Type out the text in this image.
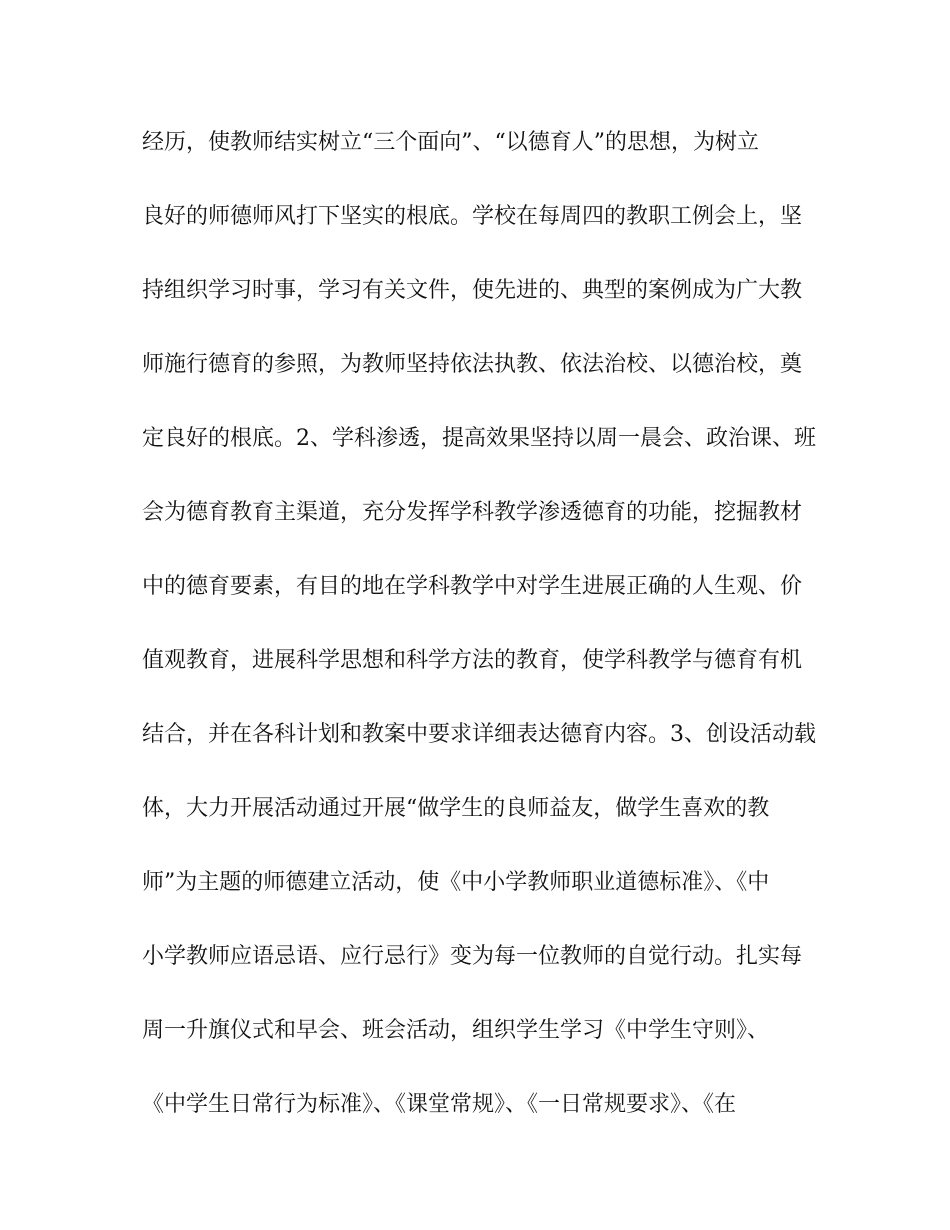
经历，使教师结实树立“三个面向”、“以德育人”的思想，为树立
良好的师德师风打下坚实的根底。学校在每周四的教职工例会上，坚
持组织学习时事，学习有关文件，使先进的、典型的案例成为广大教
师施行德育的参照，为教师坚持依法执教、依法治校、以德治校，奠
定良好的根底。2、学科渗透，提高效果坚持以周一晨会、政治课、班
会为德育教育主渠道，充分发挥学科教学渗透德育的功能，挖掘教材
中的德育要素，有目的地在学科教学中对学生进展正确的人生观、价
值观教育，进展科学思想和科学方法的教育，使学科教学与德育有机
结合，并在各科计划和教案中要求详细表达德育内容。3、创设活动载
体，大力开展活动通过开展“做学生的良师益友，做学生喜欢的教
师”为主题的师德建立活动，使《中小学教师职业道德标准》、《中
小学教师应语忌语、应行忌行》变为每一位教师的自觉行动。扎实每
周一升旗仪式和早会、班会活动，组织学生学习《中学生守则》、
《中学生日常行为标准》、《课堂常规》、《一日常规要求》、《在
